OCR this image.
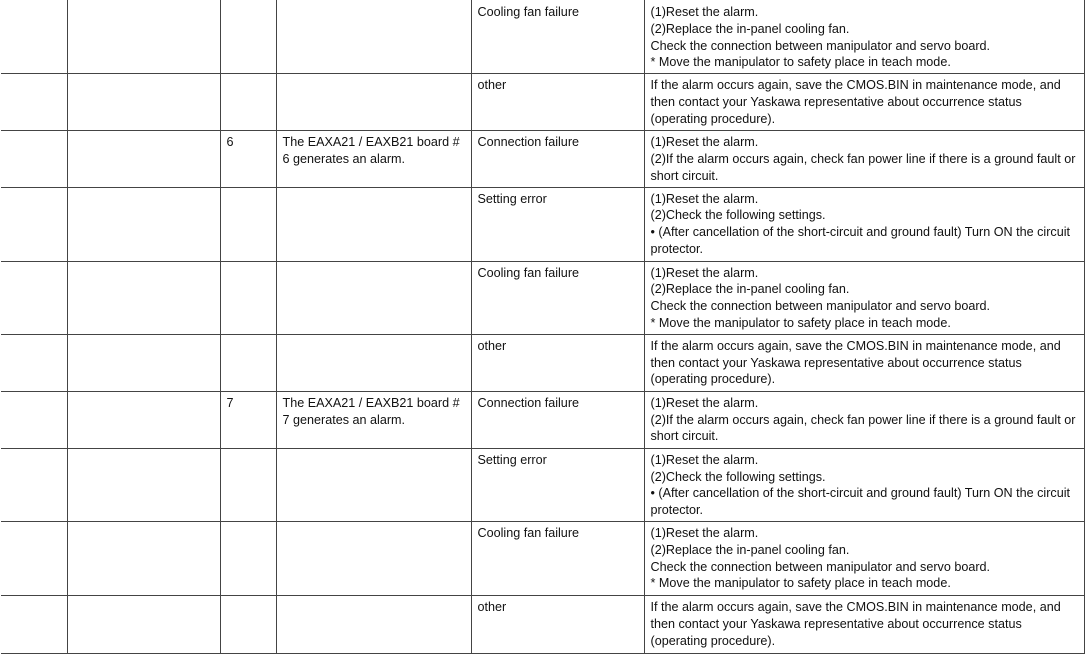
				Cooling fan failure	(1)Reset the alarm.
(2)Replace the in-panel cooling fan.
Check the connection between manipulator and servo board.
* Move the manipulator to safety place in teach mode.

				other	If the alarm occurs again, save the CMOS.BIN in maintenance mode, and then contact your Yaskawa representative about occurrence status (operating procedure).

		6	The EAXA21 / EAXB21 board # 6 generates an alarm.	Connection failure	(1)Reset the alarm.
(2)If the alarm occurs again, check fan power line if there is a ground fault or short circuit.

				Setting error	(1)Reset the alarm.
(2)Check the following settings.
• (After cancellation of the short-circuit and ground fault) Turn ON the circuit protector.

				Cooling fan failure	(1)Reset the alarm.
(2)Replace the in-panel cooling fan.
Check the connection between manipulator and servo board.
* Move the manipulator to safety place in teach mode.

				other	If the alarm occurs again, save the CMOS.BIN in maintenance mode, and then contact your Yaskawa representative about occurrence status (operating procedure).

		7	The EAXA21 / EAXB21 board # 7 generates an alarm.	Connection failure	(1)Reset the alarm.
(2)If the alarm occurs again, check fan power line if there is a ground fault or short circuit.

				Setting error	(1)Reset the alarm.
(2)Check the following settings.
• (After cancellation of the short-circuit and ground fault) Turn ON the circuit protector.

				Cooling fan failure	(1)Reset the alarm.
(2)Replace the in-panel cooling fan.
Check the connection between manipulator and servo board.
* Move the manipulator to safety place in teach mode.

				other	If the alarm occurs again, save the CMOS.BIN in maintenance mode, and then contact your Yaskawa representative about occurrence status (operating procedure).
